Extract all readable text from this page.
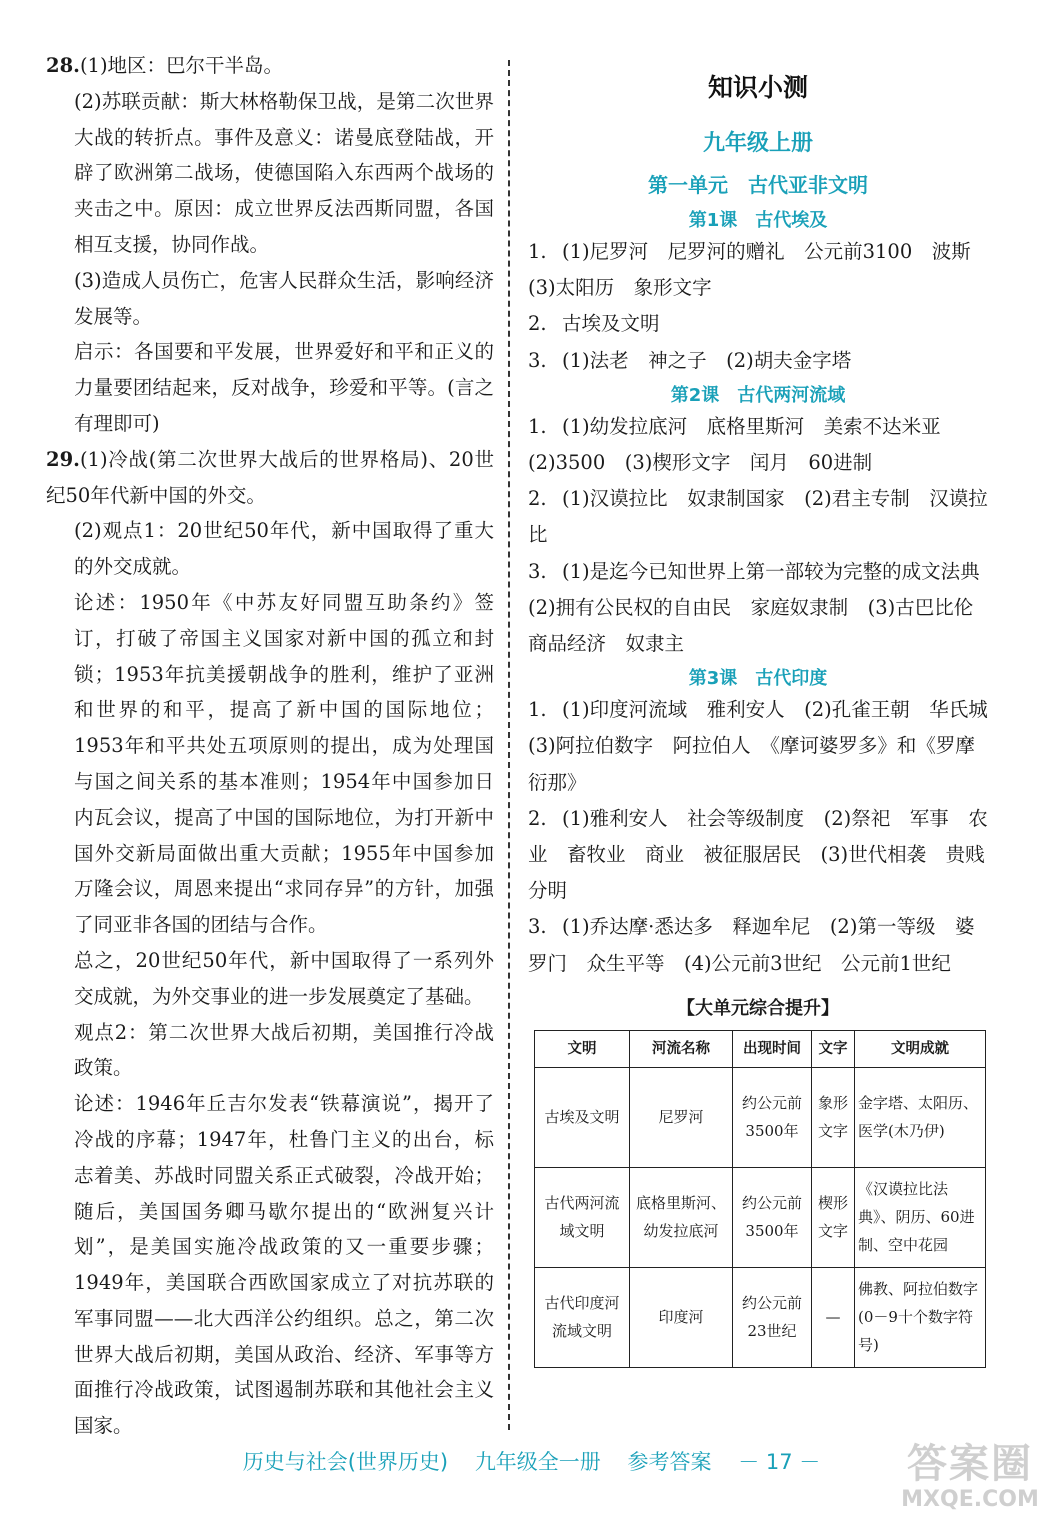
28.(1)地区：巴尔干半岛。

(2)苏联贡献：斯大林格勒保卫战，是第二次世界大战的转折点。事件及意义：诺曼底登陆战，开辟了欧洲第二战场，使德国陷入东西两个战场的夹击之中。原因：成立世界反法西斯同盟，各国相互支援，协同作战。

(3)造成人员伤亡，危害人民群众生活，影响经济发展等。

启示：各国要和平发展，世界爱好和平和正义的力量要团结起来，反对战争，珍爱和平等。(言之有理即可)

29.(1)冷战(第二次世界大战后的世界格局)、20世纪50年代新中国的外交。

(2)观点1：20世纪50年代，新中国取得了重大的外交成就。

论述：1950年《中苏友好同盟互助条约》签订，打破了帝国主义国家对新中国的孤立和封锁；1953年抗美援朝战争的胜利，维护了亚洲和世界的和平，提高了新中国的国际地位；1953年和平共处五项原则的提出，成为处理国与国之间关系的基本准则；1954年中国参加日内瓦会议，提高了中国的国际地位，为打开新中国外交新局面做出重大贡献；1955年中国参加万隆会议，周恩来提出“求同存异”的方针，加强了同亚非各国的团结与合作。

总之，20世纪50年代，新中国取得了一系列外交成就，为外交事业的进一步发展奠定了基础。

观点2：第二次世界大战后初期，美国推行冷战政策。

论述：1946年丘吉尔发表“铁幕演说”，揭开了冷战的序幕；1947年，杜鲁门主义的出台，标志着美、苏战时同盟关系正式破裂，冷战开始；随后，美国国务卿马歇尔提出的“欧洲复兴计划”，是美国实施冷战政策的又一重要步骤；1949年，美国联合西欧国家成立了对抗苏联的军事同盟——北大西洋公约组织。总之，第二次世界大战后初期，美国从政治、经济、军事等方面推行冷战政策，试图遏制苏联和其他社会主义国家。

知识小测
九年级上册
第一单元　古代亚非文明
第1课　古代埃及

1. (1)尼罗河　尼罗河的赠礼　公元前3100　波斯　(3)太阳历　象形文字

2. 古埃及文明

3. (1)法老　神之子　(2)胡夫金字塔

第2课　古代两河流域

1. (1)幼发拉底河　底格里斯河　美索不达米亚　(2)3500　(3)楔形文字　闰月　60进制

2. (1)汉谟拉比　奴隶制国家　(2)君主专制　汉谟拉比

3. (1)是迄今已知世界上第一部较为完整的成文法典　(2)拥有公民权的自由民　家庭奴隶制　(3)古巴比伦　商品经济　奴隶主

第3课　古代印度

1. (1)印度河流域　雅利安人　(2)孔雀王朝　华氏城　(3)阿拉伯数字　阿拉伯人　《摩诃婆罗多》和《罗摩衍那》

2. (1)雅利安人　社会等级制度　(2)祭祀　军事　农业　畜牧业　商业　被征服居民　(3)世代相袭　贵贱分明

3. (1)乔达摩·悉达多　释迦牟尼　(2)第一等级　婆罗门　众生平等　(4)公元前3世纪　公元前1世纪

【大单元综合提升】
文明	河流名称	出现时间	文字	文明成就
古埃及文明	尼罗河	约公元前3500年	象形文字	金字塔、太阳历、医学(木乃伊)
古代两河流域文明	底格里斯河、幼发拉底河	约公元前3500年	楔形文字	《汉谟拉比法典》、阴历、60进制、空中花园
古代印度河流域文明	印度河	约公元前23世纪	—	佛教、阿拉伯数字(0－9十个数字符号)
历史与社会(世界历史) 九年级全一册 参考答案 － 17 －	答案圈
MXQE.COM
